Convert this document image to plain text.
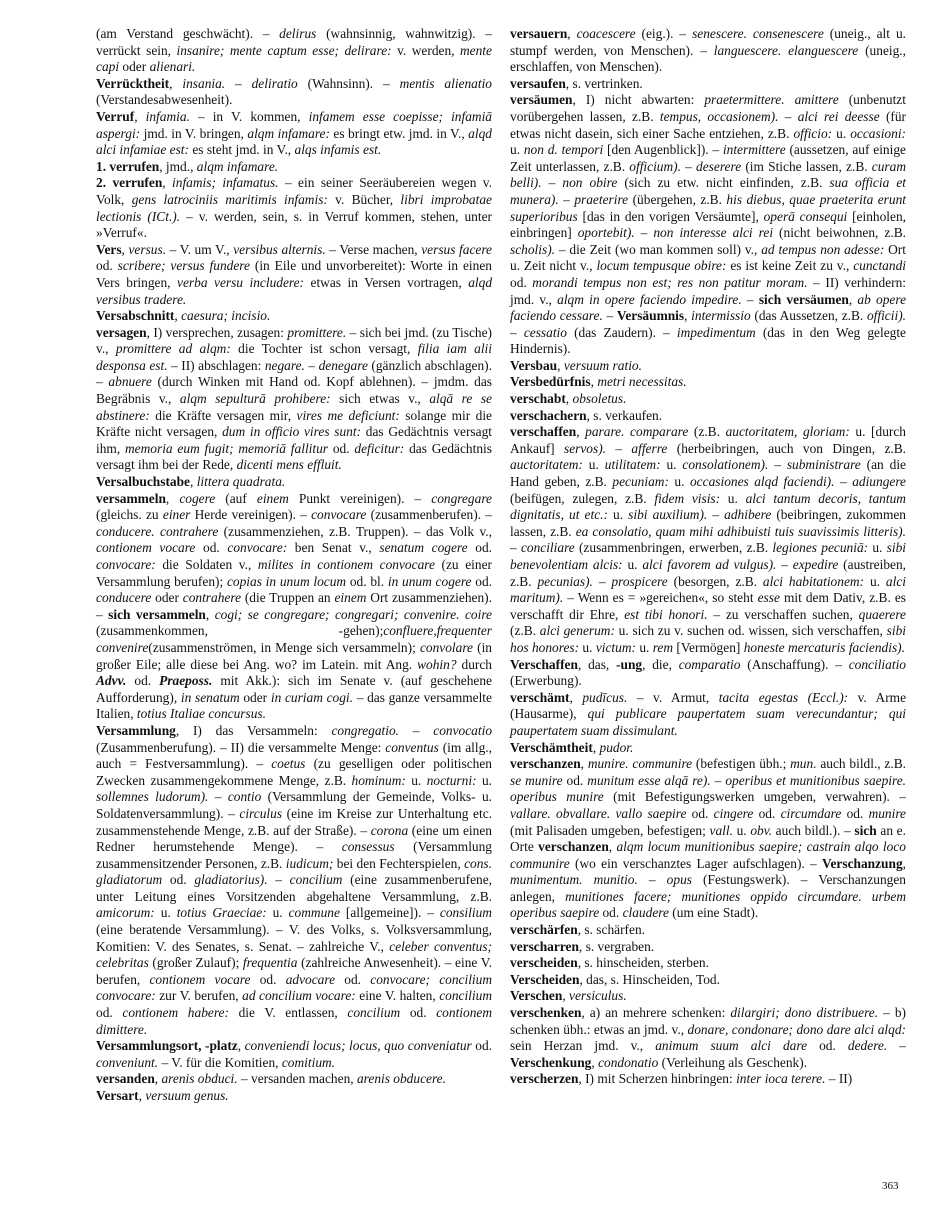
(am Verstand geschwächt). – delirus (wahnsinnig, wahnwitzig). – verrückt sein, insanire; mente captum esse; delirare: v. werden, mente capi oder alienari.

Verrücktheit, insania. – deliratio (Wahnsinn). – mentis alienatio (Verstandesabwesenheit).

Verruf, infamia. – in V. kommen, infamem esse coepisse; infamiā aspergi: jmd. in V. bringen, alqm infamare: es bringt etw. jmd. in V., alqd alci infamiae est: es steht jmd. in V., alqs infamis est.

1. verrufen, jmd., alqm infamare.

2. verrufen, infamis; infamatus. – ein seiner Seeräubereien wegen v. Volk, gens latrociniis maritimis infamis: v. Bücher, libri improbatae lectionis (ICt.). – v. werden, sein, s. in Verruf kommen, stehen, unter »Verruf«.

Vers, versus. – V. um V., versibus alternis. – Verse machen, versus facere od. scribere; versus fundere (in Eile und unvorbereitet): Worte in einen Vers bringen, verba versu includere: etwas in Versen vortragen, alqd versibus tradere.

Versabschnitt, caesura; incisio.

versagen, I) versprechen, zusagen: promittere. – sich bei jmd. (zu Tische) v., promittere ad alqm: die Tochter ist schon versagt, filia iam alii desponsa est. – II) abschlagen: negare. – denegare (gänzlich abschlagen). – abnuere (durch Winken mit Hand od. Kopf ablehnen). – jmdm. das Begräbnis v., alqm sepulturā prohibere: sich etwas v., alqā re se abstinere: die Kräfte versagen mir, vires me deficiunt: solange mir die Kräfte nicht versagen, dum in officio vires sunt: das Gedächtnis versagt ihm, memoria eum fugit; memoriā fallitur od. deficitur: das Gedächtnis versagt ihm bei der Rede, dicenti mens effluit.

Versalbuchstabe, littera quadrata.

versammeln, cogere (auf einem Punkt vereinigen). – congregare (gleichs. zu einer Herde vereinigen). – convocare (zusammenberufen). – conducere. contrahere (zusammenziehen, z.B. Truppen). – das Volk v., contionem vocare od. convocare: ben Senat v., senatum cogere od. convocare: die Soldaten v., milites in contionem convocare (zu einer Versammlung berufen); copias in unum locum od. bl. in unum cogere od. conducere oder contrahere (die Truppen an einem Ort zusammenziehen). – sich versammeln, cogi; se congregare; congregari; convenire. coire (zusammenkommen, -gehen);confluere,frequenter convenire(zusammenströmen, in Menge sich versammeln); convolare (in großer Eile; alle diese bei Ang. wo? im Latein. mit Ang. wohin? durch Advv. od. Praeposs. mit Akk.): sich im Senate v. (auf geschehene Aufforderung), in senatum oder in curiam cogi. – das ganze versammelte Italien, totius Italiae concursus.

Versammlung, I) das Versammeln: congregatio. – convocatio (Zusammenberufung). – II) die versammelte Menge: conventus (im allg., auch = Festversammlung). – coetus (zu geselligen oder politischen Zwecken zusammengekommene Menge, z.B. hominum: u. nocturni: u. sollemnes ludorum). – contio (Versammlung der Gemeinde, Volks- u. Soldatenversammlung). – circulus (eine im Kreise zur Unterhaltung etc. zusammenstehende Menge, z.B. auf der Straße). – corona (eine um einen Redner herumstehende Menge). – consessus (Versammlung zusammensitzender Personen, z.B. iudicum; bei den Fechterspielen, cons. gladiatorum od. gladiatorius). – concilium (eine zusammenberufene, unter Leitung eines Vorsitzenden abgehaltene Versammlung, z.B. amicorum: u. totius Graeciae: u. commune [allgemeine]). – consilium (eine beratende Versammlung). – V. des Volks, s. Volksversammlung, Komitien: V. des Senates, s. Senat. – zahlreiche V., celeber conventus; celebritas (großer Zulauf); frequentia (zahlreiche Anwesenheit). – eine V. berufen, contionem vocare od. advocare od. convocare; concilium convocare: zur V. berufen, ad concilium vocare: eine V. halten, concilium od. contionem habere: die V. entlassen, concilium od. contionem dimittere.

Versammlungsort, -platz, conveniendi locus; locus, quo conveniatur od. conveniunt. – V. für die Komitien, comitium.

versanden, arenis obduci. – versanden machen, arenis obducere.

Versart, versuum genus.

versauern, coacescere (eig.). – senescere. consenescere (uneig., alt u. stumpf werden, von Menschen). – languescere. elanguescere (uneig., erschlaffen, von Menschen).

versaufen, s. vertrinken.

versäumen, I) nicht abwarten: praetermittere. amittere (unbenutzt vorübergehen lassen, z.B. tempus, occasionem). – alci rei deesse (für etwas nicht dasein, sich einer Sache entziehen, z.B. officio: u. occasioni: u. non d. tempori [den Augenblick]). – intermittere (aussetzen, auf einige Zeit unterlassen, z.B. officium). – deserere (im Stiche lassen, z.B. curam belli). – non obire (sich zu etw. nicht einfinden, z.B. sua officia et munera). – praeterire (übergehen, z.B. his diebus, quae praeterita erunt superioribus [das in den vorigen Versäumte], operā consequi [einholen, einbringen] oportebit). – non interesse alci rei (nicht beiwohnen, z.B. scholis). – die Zeit (wo man kommen soll) v., ad tempus non adesse: Ort u. Zeit nicht v., locum tempusque obire: es ist keine Zeit zu v., cunctandi od. morandi tempus non est; res non patitur moram. – II) verhindern: jmd. v., alqm in opere faciendo impedire. – sich versäumen, ab opere faciendo cessare. – Versäumnis, intermissio (das Aussetzen, z.B. officii). – cessatio (das Zaudern). – impedimentum (das in den Weg gelegte Hindernis).

Versbau, versuum ratio.

Versbedürfnis, metri necessitas.

verschabt, obsoletus.

verschachern, s. verkaufen.

verschaffen, parare. comparare (z.B. auctoritatem, gloriam: u. [durch Ankauf] servos). – afferre (herbeibringen, auch von Dingen, z.B. auctoritatem: u. utilitatem: u. consolationem). – subministrare (an die Hand geben, z.B. pecuniam: u. occasiones alqd faciendi). – adiungere (beifügen, zulegen, z.B. fidem visis: u. alci tantum decoris, tantum dignitatis, ut etc.: u. sibi auxilium). – adhibere (beibringen, zukommen lassen, z.B. ea consolatio, quam mihi adhibuisti tuis suavissimis litteris). – conciliare (zusammenbringen, erwerben, z.B. legiones pecuniā: u. sibi benevolentiam alcis: u. alci favorem ad vulgus). – expedire (austreiben, z.B. pecunias). – prospicere (besorgen, z.B. alci habitationem: u. alci maritum). – Wenn es = »gereichen«, so steht esse mit dem Dativ, z.B. es verschafft dir Ehre, est tibi honori. – zu verschaffen suchen, quaerere (z.B. alci generum: u. sich zu v. suchen od. wissen, sich verschaffen, sibi hos honores: u. victum: u. rem [Vermögen] honeste mercaturis faciendis).

Verschaffen, das, -ung, die, comparatio (Anschaffung). – conciliatio (Erwerbung).

verschämt, pudīcus. – v. Armut, tacita egestas (Eccl.): v. Arme (Hausarme), qui publicare paupertatem suam verecundantur; qui paupertatem suam dissimulant.

Verschämtheit, pudor.

verschanzen, munire. communire (befestigen übh.; mun. auch bildl., z.B. se munire od. munitum esse alqā re). – operibus et munitionibus saepire. operibus munire (mit Befestigungswerken umgeben, verwahren). – vallare. obvallare. vallo saepire od. cingere od. circumdare od. munire (mit Palisaden umgeben, befestigen; vall. u. obv. auch bildl.). – sich an e. Orte verschanzen, alqm locum munitionibus saepire; castrain alqo loco communire (wo ein verschanztes Lager aufschlagen). – Verschanzung, munimentum. munitio. – opus (Festungswerk). – Verschanzungen anlegen, munitiones facere; munitiones oppido circumdare. urbem operibus saepire od. claudere (um eine Stadt).

verschärfen, s. schärfen.

verscharren, s. vergraben.

verscheiden, s. hinscheiden, sterben.

Verscheiden, das, s. Hinscheiden, Tod.

Verschen, versiculus.

verschenken, a) an mehrere schenken: dilargiri; dono distribuere. – b) schenken übh.: etwas an jmd. v., donare, condonare; dono dare alci alqd: sein Herzan jmd. v., animum suum alci dare od. dedere. – Verschenkung, condonatio (Verleihung als Geschenk).

verscherzen, I) mit Scherzen hinbringen: inter ioca terere. – II)

363
